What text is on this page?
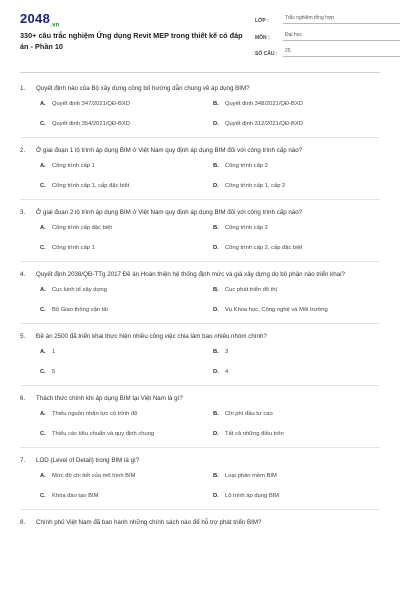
$2048_{.vn}$
330+ câu trắc nghiệm Ứng dụng Revit MEP trong thiết kế có đáp án - Phần 10
LỚP :	Trắc nghiệm tổng hợp
MÔN :	Đại học
SỐ CÂU :	25
1.	Quyết định nào của Bộ xây dựng công bố hướng dẫn chung về áp dụng BIM?
A.	Quyết định 347/2021/QĐ-BXD	B.	Quyết định 348/2021/QĐ-BXD
C.	Quyết định 354/2021/QĐ-BXD	D.	Quyết định 312/2021/QĐ-BXD
2.	Ở giai đoạn 1 lộ trình áp dụng BIM ở Việt Nam quy định áp dụng BIM đối với công trình cấp nào?
A.	Công trình cấp 1	B.	Công trình cấp 2
C.	Công trình cấp 1, cấp đặc biệt	D.	Công trình cấp 1, cấp 2
3.	Ở giai đoạn 2 lộ trình áp dụng BIM ở Việt Nam quy định áp dụng BIM đối với công trình cấp nào?
A.	Công trình cấp đặc biệt	B.	Công trình cấp 2
C.	Công trình cấp 1	D.	Công trình cấp 2, cấp đặc biệt
4.	Quyết định 2038/QĐ-TTg 2017 Đề án Hoàn thiện hệ thống định mức và giá xây dựng do bộ phận nào triển khai?
A.	Cục kinh tế xây dựng	B.	Cục phát triển đô thị
C.	Bộ Giao thông vận tải	D.	Vụ Khoa học, Công nghệ và Môi trường
5.	Đề án 2500 đã triển khai thực hiện nhiều công việc chia làm bao nhiêu nhóm chính?
A.	1	B.	3
C.	5	D.	4
6.	Thách thức chính khi áp dụng BIM tại Việt Nam là gì?
A.	Thiếu nguồn nhân lực có trình độ	B.	Chi phí đầu tư cao
C.	Thiếu các tiêu chuẩn và quy định chung	D.	Tất cả những điều trên
7.	LOD (Level of Detail) trong BIM là gì?
A.	Mức độ chi tiết của mô hình BIM	B.	Loại phần mềm BIM
C.	Khóa đào tạo BIM	D.	Lộ trình áp dụng BIM
8.	Chính phủ Việt Nam đã ban hành những chính sách nào để hỗ trợ phát triển BIM?
